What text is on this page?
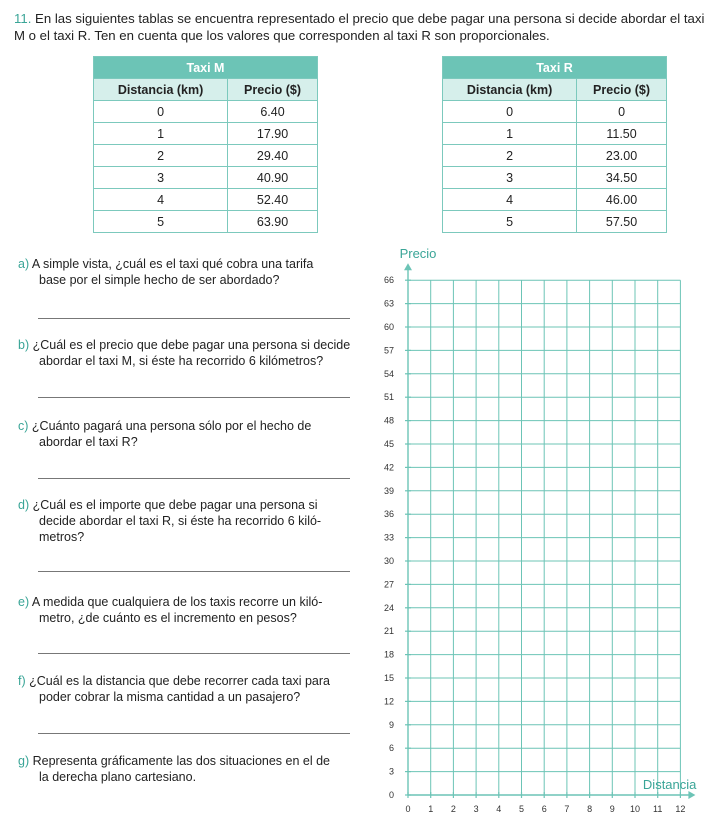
11. En las siguientes tablas se encuentra representado el precio que debe pagar una persona si decide abordar el taxi M o el taxi R. Ten en cuenta que los valores que corresponden al taxi R son proporcionales.
Taxi M	
Distancia (km)	Precio ($)
0	6.40
1	17.90
2	29.40
3	40.90
4	52.40
5	63.90
Taxi R	
Distancia (km)	Precio ($)
0	0
1	11.50
2	23.00
3	34.50
4	46.00
5	57.50
a) A simple vista, ¿cuál es el taxi qué cobra una tarifa
base por el simple hecho de ser abordado?
b) ¿Cuál es el precio que debe pagar una persona si decide
abordar el taxi M, si éste ha recorrido 6 kilómetros?
c) ¿Cuánto pagará una persona sólo por el hecho de
abordar el taxi R?
d) ¿Cuál es el importe que debe pagar una persona si
decide abordar el taxi R, si éste ha recorrido 6 kiló-metros?
e) A medida que cualquiera de los taxis recorre un kiló-
metro, ¿de cuánto es el incremento en pesos?
f) ¿Cuál es la distancia que debe recorrer cada taxi para
poder cobrar la misma cantidad a un pasajero?
g) Representa gráficamente las dos situaciones en el de
la derecha plano cartesiano.
0 1 2 3 4 5 6 7 8 9 10 11 12
0
3
6
9
12
15
18
21
24
27
30
33
36
39
42
45
48
51
54
57
60
63
66
Precio
Distancia
